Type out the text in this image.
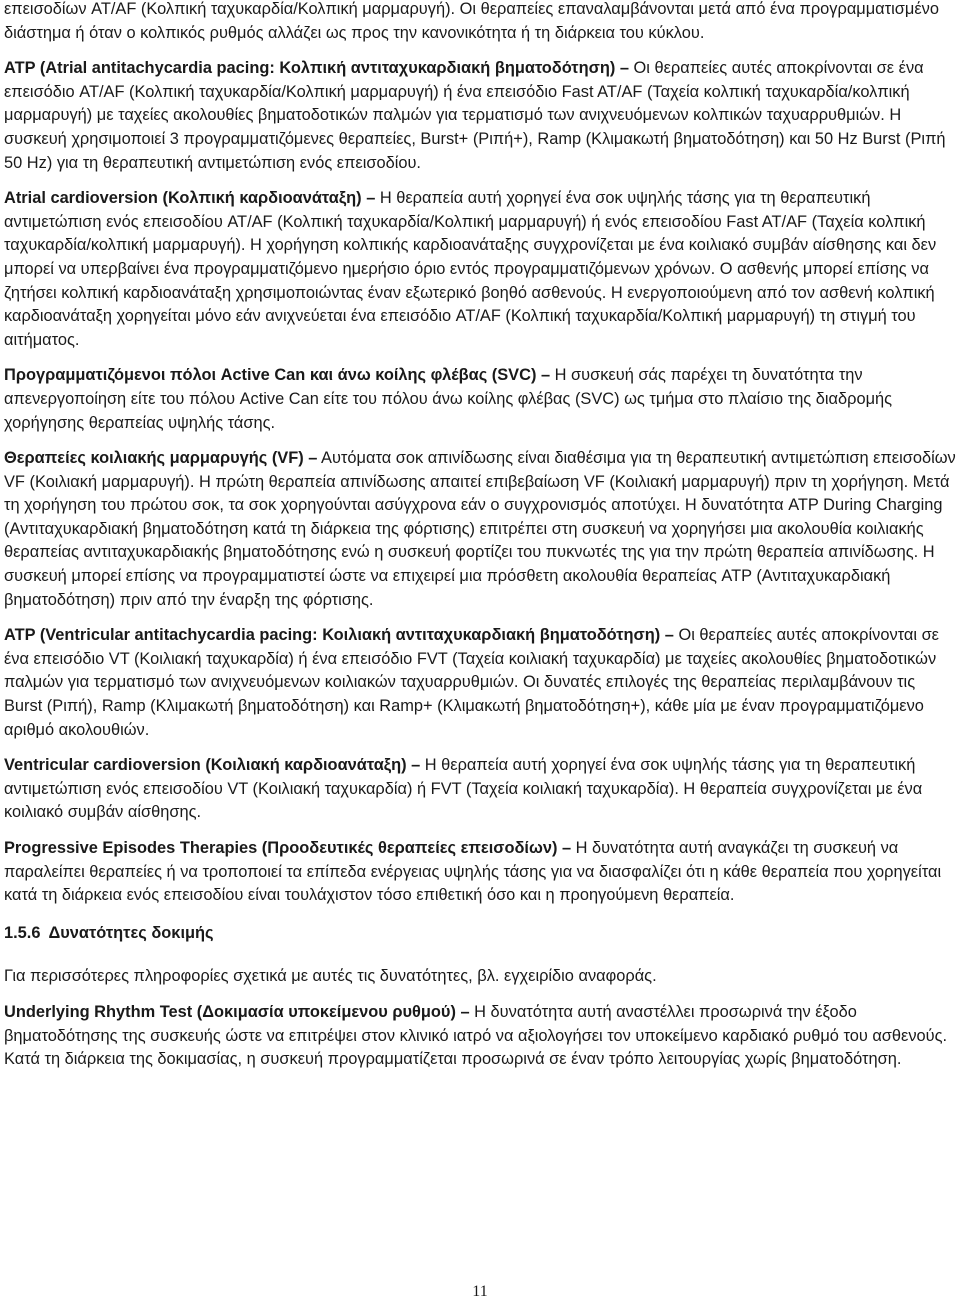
επεισοδίων AT/AF (Κολπική ταχυκαρδία/Κολπική μαρμαρυγή). Οι θεραπείες επαναλαμβάνονται μετά από ένα προγραμματισμένο διάστημα ή όταν ο κολπικός ρυθμός αλλάζει ως προς την κανονικότητα ή τη διάρκεια του κύκλου.

ATP (Atrial antitachycardia pacing: Κολπική αντιταχυκαρδιακή βηματοδότηση) – Οι θεραπείες αυτές αποκρίνονται σε ένα επεισόδιο AT/AF (Κολπική ταχυκαρδία/Κολπική μαρμαρυγή) ή ένα επεισόδιο Fast AT/AF (Ταχεία κολπική ταχυκαρδία/κολπική μαρμαρυγή) με ταχείες ακολουθίες βηματοδοτικών παλμών για τερματισμό των ανιχνευόμενων κολπικών ταχυαρρυθμιών. Η συσκευή χρησιμοποιεί 3 προγραμματιζόμενες θεραπείες, Burst+ (Ριπή+), Ramp (Κλιμακωτή βηματοδότηση) και 50 Hz Burst (Ριπή 50 Hz) για τη θεραπευτική αντιμετώπιση ενός επεισοδίου.

Atrial cardioversion (Κολπική καρδιοανάταξη) – Η θεραπεία αυτή χορηγεί ένα σοκ υψηλής τάσης για τη θεραπευτική αντιμετώπιση ενός επεισοδίου AT/AF (Κολπική ταχυκαρδία/Κολπική μαρμαρυγή) ή ενός επεισοδίου Fast AT/AF (Ταχεία κολπική ταχυκαρδία/κολπική μαρμαρυγή). Η χορήγηση κολπικής καρδιοανάταξης συγχρονίζεται με ένα κοιλιακό συμβάν αίσθησης και δεν μπορεί να υπερβαίνει ένα προγραμματιζόμενο ημερήσιο όριο εντός προγραμματιζόμενων χρόνων. Ο ασθενής μπορεί επίσης να ζητήσει κολπική καρδιοανάταξη χρησιμοποιώντας έναν εξωτερικό βοηθό ασθενούς. Η ενεργοποιούμενη από τον ασθενή κολπική καρδιοανάταξη χορηγείται μόνο εάν ανιχνεύεται ένα επεισόδιο AT/AF (Κολπική ταχυκαρδία/Κολπική μαρμαρυγή) τη στιγμή του αιτήματος.

Προγραμματιζόμενοι πόλοι Active Can και άνω κοίλης φλέβας (SVC) – Η συσκευή σάς παρέχει τη δυνατότητα την απενεργοποίηση είτε του πόλου Active Can είτε του πόλου άνω κοίλης φλέβας (SVC) ως τμήμα στο πλαίσιο της διαδρομής χορήγησης θεραπείας υψηλής τάσης.

Θεραπείες κοιλιακής μαρμαρυγής (VF) – Αυτόματα σοκ απινίδωσης είναι διαθέσιμα για τη θεραπευτική αντιμετώπιση επεισοδίων VF (Κοιλιακή μαρμαρυγή). Η πρώτη θεραπεία απινίδωσης απαιτεί επιβεβαίωση VF (Κοιλιακή μαρμαρυγή) πριν τη χορήγηση. Μετά τη χορήγηση του πρώτου σοκ, τα σοκ χορηγούνται ασύγχρονα εάν ο συγχρονισμός αποτύχει. Η δυνατότητα ATP During Charging (Αντιταχυκαρδιακή βηματοδότηση κατά τη διάρκεια της φόρτισης) επιτρέπει στη συσκευή να χορηγήσει μια ακολουθία κοιλιακής θεραπείας αντιταχυκαρδιακής βηματοδότησης ενώ η συσκευή φορτίζει του πυκνωτές της για την πρώτη θεραπεία απινίδωσης. Η συσκευή μπορεί επίσης να προγραμματιστεί ώστε να επιχειρεί μια πρόσθετη ακολουθία θεραπείας ATP (Αντιταχυκαρδιακή βηματοδότηση) πριν από την έναρξη της φόρτισης.

ATP (Ventricular antitachycardia pacing: Κοιλιακή αντιταχυκαρδιακή βηματοδότηση) – Οι θεραπείες αυτές αποκρίνονται σε ένα επεισόδιο VT (Κοιλιακή ταχυκαρδία) ή ένα επεισόδιο FVT (Ταχεία κοιλιακή ταχυκαρδία) με ταχείες ακολουθίες βηματοδοτικών παλμών για τερματισμό των ανιχνευόμενων κοιλιακών ταχυαρρυθμιών. Οι δυνατές επιλογές της θεραπείας περιλαμβάνουν τις Burst (Ριπή), Ramp (Κλιμακωτή βηματοδότηση) και Ramp+ (Κλιμακωτή βηματοδότηση+), κάθε μία με έναν προγραμματιζόμενο αριθμό ακολουθιών.

Ventricular cardioversion (Κοιλιακή καρδιοανάταξη) – Η θεραπεία αυτή χορηγεί ένα σοκ υψηλής τάσης για τη θεραπευτική αντιμετώπιση ενός επεισοδίου VT (Κοιλιακή ταχυκαρδία) ή FVT (Ταχεία κοιλιακή ταχυκαρδία). Η θεραπεία συγχρονίζεται με ένα κοιλιακό συμβάν αίσθησης.

Progressive Episodes Therapies (Προοδευτικές θεραπείες επεισοδίων) – Η δυνατότητα αυτή αναγκάζει τη συσκευή να παραλείπει θεραπείες ή να τροποποιεί τα επίπεδα ενέργειας υψηλής τάσης για να διασφαλίζει ότι η κάθε θεραπεία που χορηγείται κατά τη διάρκεια ενός επεισοδίου είναι τουλάχιστον τόσο επιθετική όσο και η προηγούμενη θεραπεία.

1.5.6 Δυνατότητες δοκιμής

Για περισσότερες πληροφορίες σχετικά με αυτές τις δυνατότητες, βλ. εγχειρίδιο αναφοράς.

Underlying Rhythm Test (Δοκιμασία υποκείμενου ρυθμού) – Η δυνατότητα αυτή αναστέλλει προσωρινά την έξοδο βηματοδότησης της συσκευής ώστε να επιτρέψει στον κλινικό ιατρό να αξιολογήσει τον υποκείμενο καρδιακό ρυθμό του ασθενούς. Κατά τη διάρκεια της δοκιμασίας, η συσκευή προγραμματίζεται προσωρινά σε έναν τρόπο λειτουργίας χωρίς βηματοδότηση.

11
